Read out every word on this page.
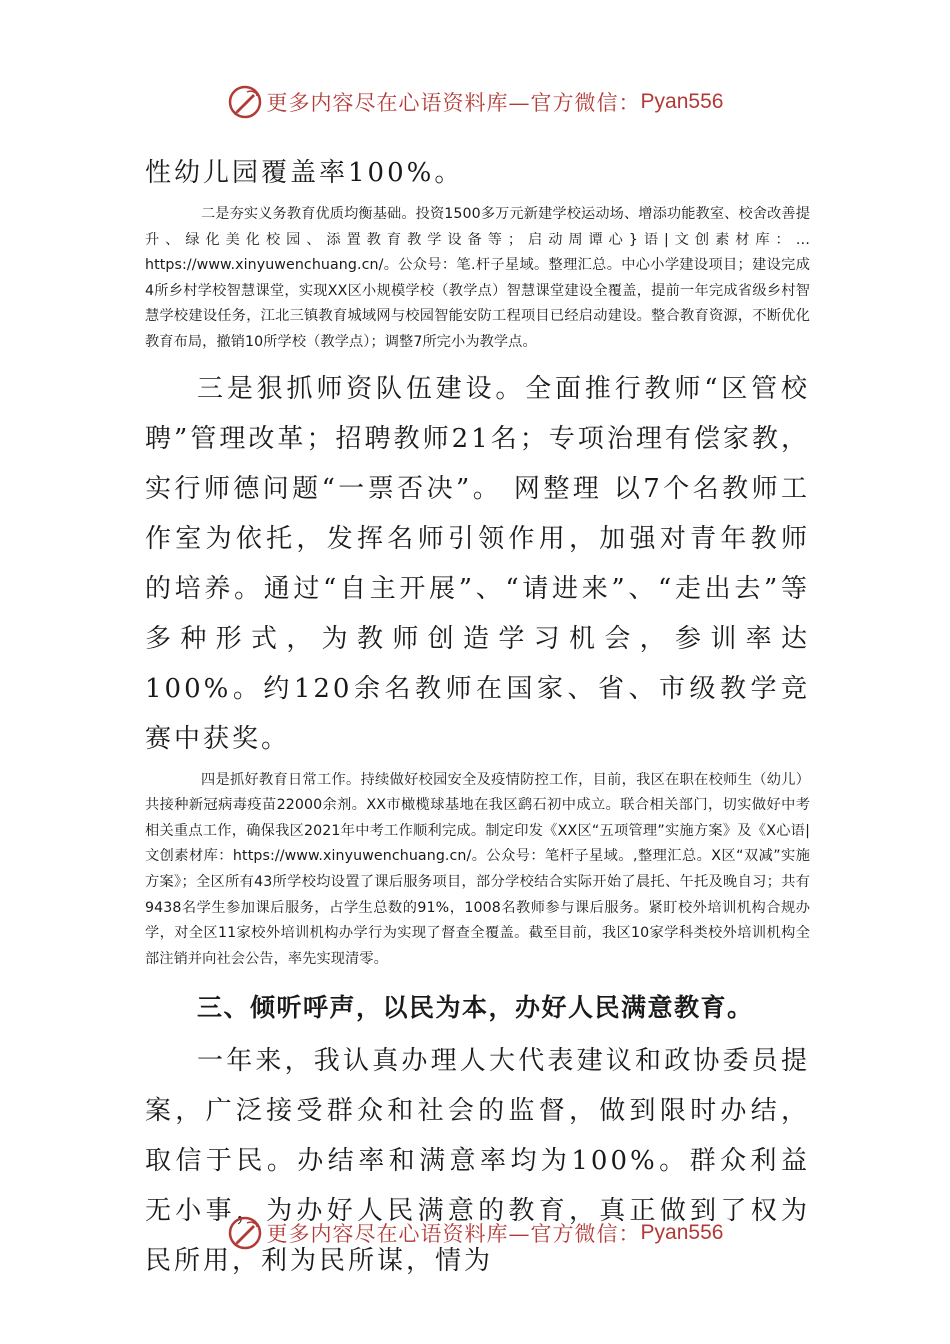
更多内容尽在心语资料库—官方微信： Pyan556

性幼儿园覆盖率100%。

二是夯实义务教育优质均衡基础。投资1500多万元新建学校运动场、增添功能教室、校舍改善提升、绿化美化校园、添置教育教学设备等；启动周谭心}语|文创素材库：…https://www.xinyuwenchuang.cn/。公众号：笔.杆子星域。整理汇总。中心小学建设项目；建设完成4所乡村学校智慧课堂，实现XX区小规模学校（教学点）智慧课堂建设全覆盖，提前一年完成省级乡村智慧学校建设任务，江北三镇教育城域网与校园智能安防工程项目已经启动建设。整合教育资源，不断优化教育布局，撤销10所学校（教学点）；调整7所完小为教学点。

三是狠抓师资队伍建设。全面推行教师“区管校聘”管理改革；招聘教师21名；专项治理有偿家教，实行师德问题“一票否决”。 网整理 以7个名教师工作室为依托，发挥名师引领作用，加强对青年教师的培养。通过“自主开展”、“请进来”、“走出去”等多种形式，为教师创造学习机会，参训率达100%。约120余名教师在国家、省、市级教学竞赛中获奖。

四是抓好教育日常工作。持续做好校园安全及疫情防控工作，目前，我区在职在校师生（幼儿）共接种新冠病毒疫苗22000余剂。XX市橄榄球基地在我区鹞石初中成立。联合相关部门，切实做好中考相关重点工作，确保我区2021年中考工作顺利完成。制定印发《XX区“五项管理”实施方案》及《X心语|文创素材库：https://www.xinyuwenchuang.cn/。公众号：笔杆子星域。,整理汇总。X区“双减”实施方案》；全区所有43所学校均设置了课后服务项目，部分学校结合实际开始了晨托、午托及晚自习；共有9438名学生参加课后服务，占学生总数的91%，1008名教师参与课后服务。紧盯校外培训机构合规办学，对全区11家校外培训机构办学行为实现了督查全覆盖。截至目前，我区10家学科类校外培训机构全部注销并向社会公告，率先实现清零。

三、倾听呼声，以民为本，办好人民满意教育。

一年来，我认真办理人大代表建议和政协委员提案，广泛接受群众和社会的监督，做到限时办结，取信于民。办结率和满意率均为100%。群众利益无小事，为办好人民满意的教育，真正做到了权为民所用，利为民所谋，情为

更多内容尽在心语资料库—官方微信： Pyan556
